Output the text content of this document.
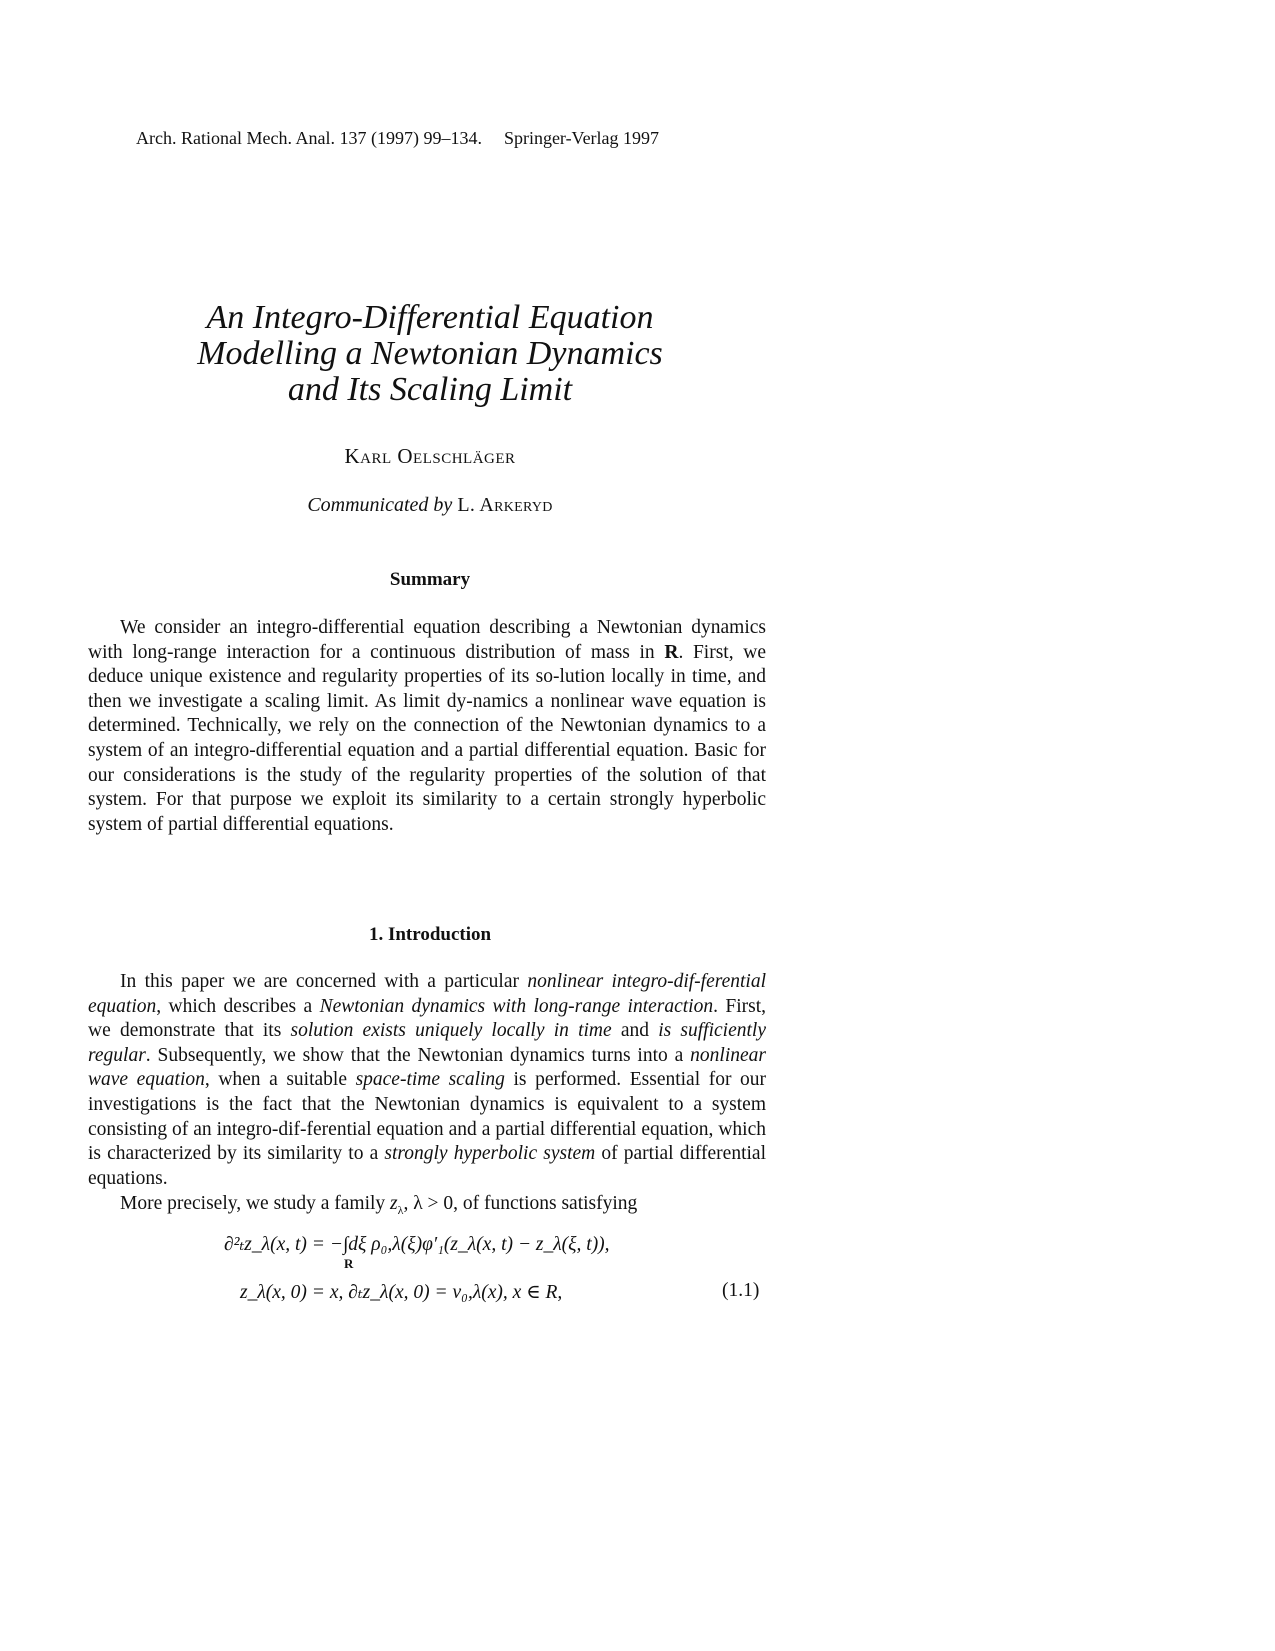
Arch. Rational Mech. Anal. 137 (1997) 99–134. Springer-Verlag 1997
An Integro-Differential Equation
Modelling a Newtonian Dynamics
and Its Scaling Limit
Karl Oelschläger
Communicated by L. Arkeryd
Summary
We consider an integro-differential equation describing a Newtonian dynamics with long-range interaction for a continuous distribution of mass in R. First, we deduce unique existence and regularity properties of its so-lution locally in time, and then we investigate a scaling limit. As limit dy-namics a nonlinear wave equation is determined. Technically, we rely on the connection of the Newtonian dynamics to a system of an integro-differential equation and a partial differential equation. Basic for our considerations is the study of the regularity properties of the solution of that system. For that purpose we exploit its similarity to a certain strongly hyperbolic system of partial differential equations.
1. Introduction
In this paper we are concerned with a particular nonlinear integro-dif-ferential equation, which describes a Newtonian dynamics with long-range interaction. First, we demonstrate that its solution exists uniquely locally in time and is sufficiently regular. Subsequently, we show that the Newtonian dynamics turns into a nonlinear wave equation, when a suitable space-time scaling is performed. Essential for our investigations is the fact that the Newtonian dynamics is equivalent to a system consisting of an integro-dif-ferential equation and a partial differential equation, which is characterized by its similarity to a strongly hyperbolic system of partial differential equations.
More precisely, we study a family $z_\lambda$, λ > 0, of functions satisfying
∂²ₜz_λ(x, t) = −∫dξ ρ₀,λ(ξ)φ′₁(z_λ(x, t) − z_λ(ξ, t)),
R
z_λ(x, 0) = x, ∂ₜz_λ(x, 0) = v₀,λ(x), x ∈ R,	(1.1)
